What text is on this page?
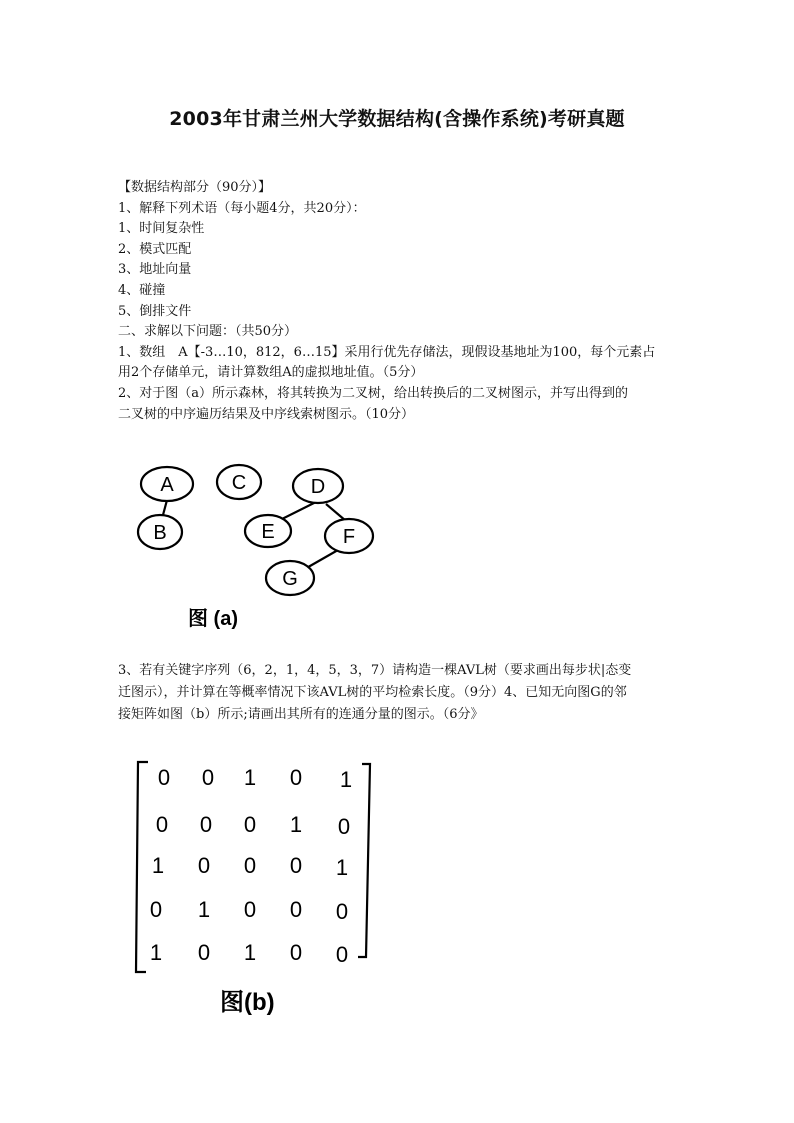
2003年甘肃兰州大学数据结构(含操作系统)考研真题
【数据结构部分（90分）】
1、解释下列术语（每小题4分，共20分）：
1、时间复杂性
2、模式匹配
3、地址向量
4、碰撞
5、倒排文件
二、求解以下问题：（共50分）
1、数组　A【-3…10，812，6…15】采用行优先存储法，现假设基地址为100，每个元素占
用2个存储单元，请计算数组A的虚拟地址值。（5分）
2、对于图（a）所示森林，将其转换为二叉树，给出转换后的二叉树图示，并写出得到的
二叉树的中序遍历结果及中序线索树图示。（10分）
A
B
C	D
E	F
G
图 (a)
3、若有关键字序列（6，2，1，4，5，3，7）请构造一棵AVL树（要求画出每步状|态变
迁图示），并计算在等概率情况下该AVL树的平均检索长度。（9分）4、已知无向图G的邻
接矩阵如图（b）所示;请画出其所有的连通分量的图示。（6分》
0 0 1 0 1
0 0 0 1 0
1 0 0 0 1
0 1 0 0 0
1 0 1 0 0
图(b)
